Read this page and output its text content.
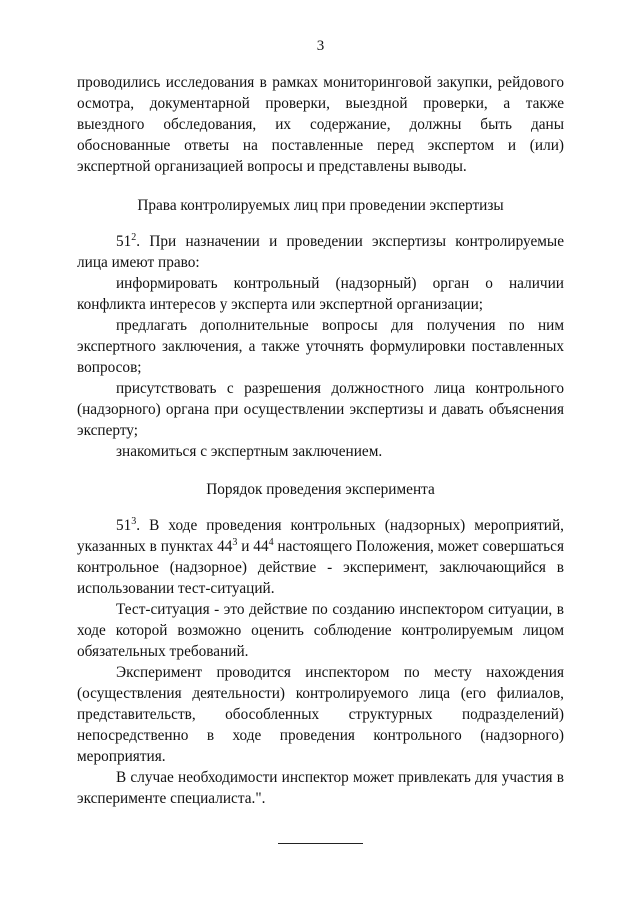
3

проводились исследования в рамках мониторинговой закупки, рейдового осмотра, документарной проверки, выездной проверки, а также выездного обследования, их содержание, должны быть даны обоснованные ответы на поставленные перед экспертом и (или) экспертной организацией вопросы и представлены выводы.

Права контролируемых лиц при проведении экспертизы

$51^2$. При назначении и проведении экспертизы контролируемые лица имеют право:

информировать контрольный (надзорный) орган о наличии конфликта интересов у эксперта или экспертной организации;

предлагать дополнительные вопросы для получения по ним экспертного заключения, а также уточнять формулировки поставленных вопросов;

присутствовать с разрешения должностного лица контрольного (надзорного) органа при осуществлении экспертизы и давать объяснения эксперту;

знакомиться с экспертным заключением.

Порядок проведения эксперимента

$51^3$. В ходе проведения контрольных (надзорных) мероприятий, указанных в пунктах $44^3$ и $44^4$ настоящего Положения, может совершаться контрольное (надзорное) действие - эксперимент, заключающийся в использовании тест-ситуаций.

Тест-ситуация - это действие по созданию инспектором ситуации, в ходе которой возможно оценить соблюдение контролируемым лицом обязательных требований.

Эксперимент проводится инспектором по месту нахождения (осуществления деятельности) контролируемого лица (его филиалов, представительств, обособленных структурных подразделений) непосредственно в ходе проведения контрольного (надзорного) мероприятия.

В случае необходимости инспектор может привлекать для участия в эксперименте специалиста.".
